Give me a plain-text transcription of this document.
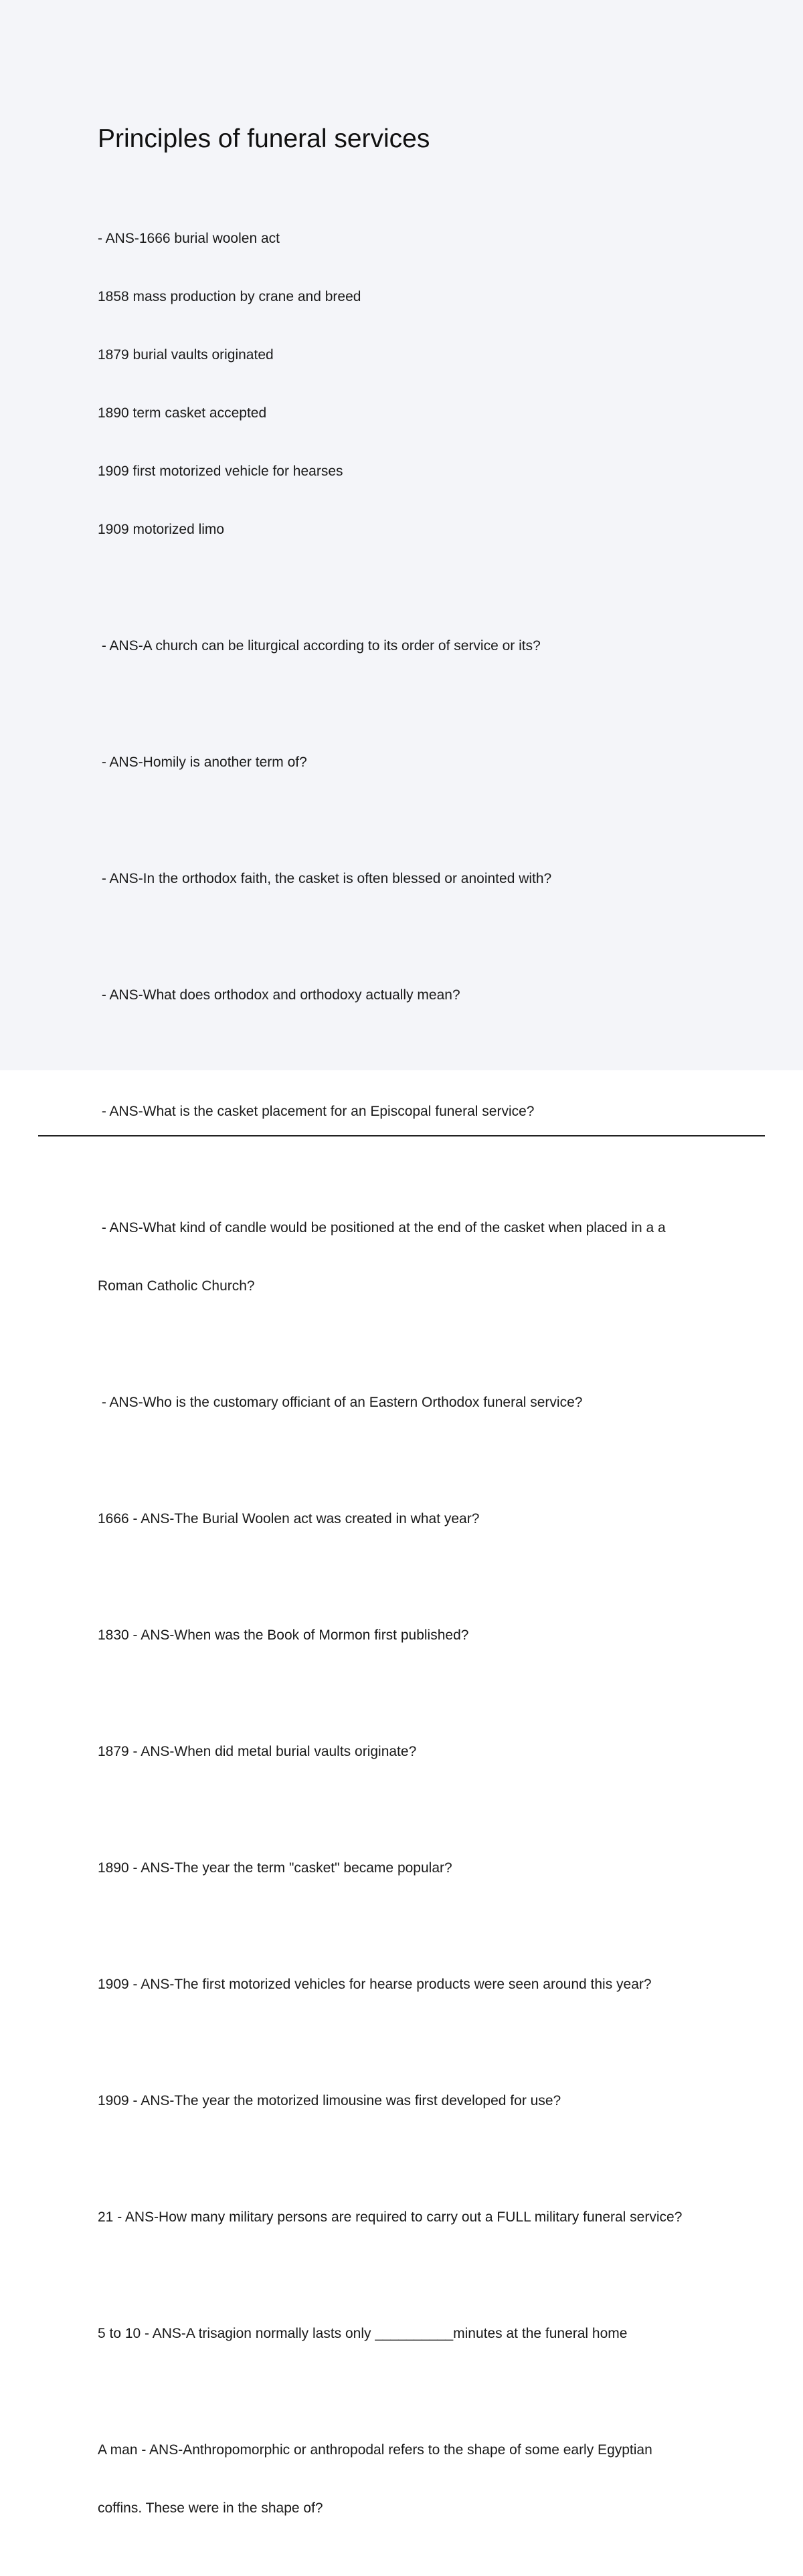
Principles of funeral services

- ANS-1666 burial woolen act

1858 mass production by crane and breed

1879 burial vaults originated

1890 term casket accepted

1909 first motorized vehicle for hearses

1909 motorized limo

- ANS-A church can be liturgical according to its order of service or its?

- ANS-Homily is another term of?

- ANS-In the orthodox faith, the casket is often blessed or anointed with?

- ANS-What does orthodox and orthodoxy actually mean?

- ANS-What is the casket placement for an Episcopal funeral service?

- ANS-What kind of candle would be positioned at the end of the casket when placed in a a

Roman Catholic Church?

- ANS-Who is the customary officiant of an Eastern Orthodox funeral service?

1666 - ANS-The Burial Woolen act was created in what year?

1830 - ANS-When was the Book of Mormon first published?

1879 - ANS-When did metal burial vaults originate?

1890 - ANS-The year the term "casket" became popular?

1909 - ANS-The first motorized vehicles for hearse products were seen around this year?

1909 - ANS-The year the motorized limousine was first developed for use?

21 - ANS-How many military persons are required to carry out a FULL military funeral service?

5 to 10 - ANS-A trisagion normally lasts only __________minutes at the funeral home

A man - ANS-Anthropomorphic or anthropodal refers to the shape of some early Egyptian

coffins. These were in the shape of?
